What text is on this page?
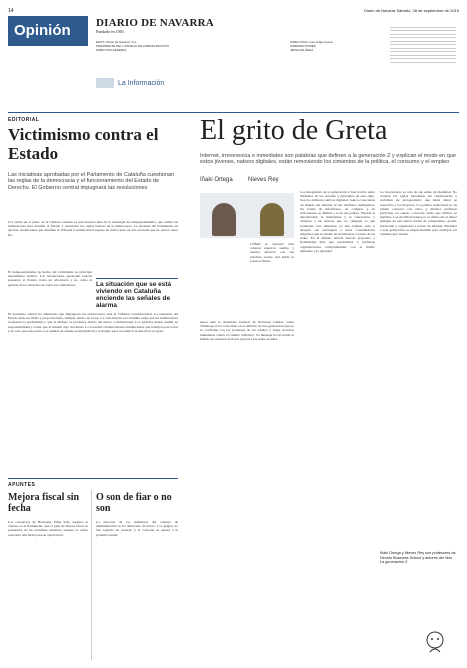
14	Diario de Navarra Sábado, 28 de septiembre de 2019
Opinión	DIARIO DE NAVARRA
Fundado en 1903
EDITA: Diario de Navarra, S.A.
PRESIDENTE DEL CONSEJO DE ADMINISTRACIÓN
DIRECTOR GENERAL
DIRECTORA: Inés Artajo Ayesa
SUBDIRECTORES
JEFES DE ÁREA
La Información
EDITORIAL
Victimismo contra el Estado
Las iniciativas aprobadas por el Parlamento de Cataluña cuestionan las reglas de la democracia y el funcionamiento del Estado de Derecho. El Gobierno central impugnará las resoluciones
LO vivido en el pleno de la Cámara catalana es una muestra más de la estrategia del independentismo, que utiliza las instituciones para desafiar al Estado y cuestionar las reglas básicas de la democracia. La decisión del Parlamento de aprobar resoluciones que desafían al Tribunal Constitucional supone un nuevo paso en una escalada que no parece tener fin.
El independentismo ha hecho del victimismo su principal herramienta política. Las resoluciones aprobadas buscan presentar al Estado como un adversario y no como el garante de los derechos de todos los ciudadanos.	La situación que se está viviendo en Cataluña enciende las señales de alarma
El Gobierno central ha anunciado que impugnará las resoluciones ante el Tribunal Constitucional. La respuesta del Estado debe ser firme y proporcionada, siempre dentro de la ley. La convivencia en Cataluña exige que las instituciones recuperen la normalidad y que el diálogo se produzca dentro del marco constitucional. Los partidos deben asumir su responsabilidad y evitar que la tensión siga creciendo. La sociedad catalana merece instituciones que trabajen para todos y no solo para una parte. Las señales de alarma se multiplican y el tiempo para reconducir la situación se agota.
APUNTES
Mejora fiscal sin fecha
Los consejeros de Hacienda, Elma Saiz, aseguró el viernes en el Parlamento que el plan de mejora fiscal se presentará en las próximas semanas, aunque no quiso concretar una fecha para su aprobación.
O son de fiar o no son
La elección de los miembros del consejo de administración se ha demorado de nuevo. Los grupos no han logrado un acuerdo y la votación se aplaza a la próxima sesión.
El grito de Greta
Internet, irreverencia e inmediatez son palabras que definen a la generación Z y explican el modo en que estos jóvenes, nativos digitales, están removiendo los cimientos de la política, el consumo y el empleo
Iñaki Ortega	Nieves Rey
CÓMO se atreven? Nos robaron nuestros sueños y nuestra infancia con sus palabras vacías. Así habló la joven activista
sueca ante la Asamblea General de Naciones Unidas. Greta Thunberg se ha convertido en el símbolo de una generación que no se conforma con las promesas de los adultos y exige acciones inmediatas contra el cambio climático. Su mensaje ha recorrido el mundo en cuestión de horas gracias a las redes sociales.
Los integrantes de la generación Z han nacido entre mediados de los noventa y principios de este siglo. Son los primeros nativos digitales: nunca conocieron un mundo sin internet ni sin teléfonos inteligentes. Su forma de informarse, de comprar y de relacionarse es distinta a la de sus padres. Valoran la autenticidad, la inmediatez y la coherencia, y castigan a las marcas que no cumplen lo que prometen. Las empresas ya han tomado nota y adaptan sus estrategias a unos consumidores exigentes que no dudan en movilizarse a través de las redes. En el ámbito laboral buscan propósito y flexibilidad más que estabilidad, y prefieren organizaciones comprometidas con el medio ambiente y la igualdad.
La irreverencia es otra de sus señas de identidad. No aceptan las reglas heredadas sin cuestionarlas y reclaman un protagonismo que hasta ahora se reservaba a los mayores. La política tradicional no ha sabido conectar con ellos, y muchos prefieren participar en causas concretas antes que militar en partidos. Las movilizaciones por el clima son el mejor ejemplo de esta nueva forma de compromiso, global, horizontal y organizada a través de internet. Entender a esta generación es imprescindible para anticipar los cambios que vienen.
Iñaki Ortega y Nieves Rey son profesores de Deusto Business School y autores del libro La generación Z
